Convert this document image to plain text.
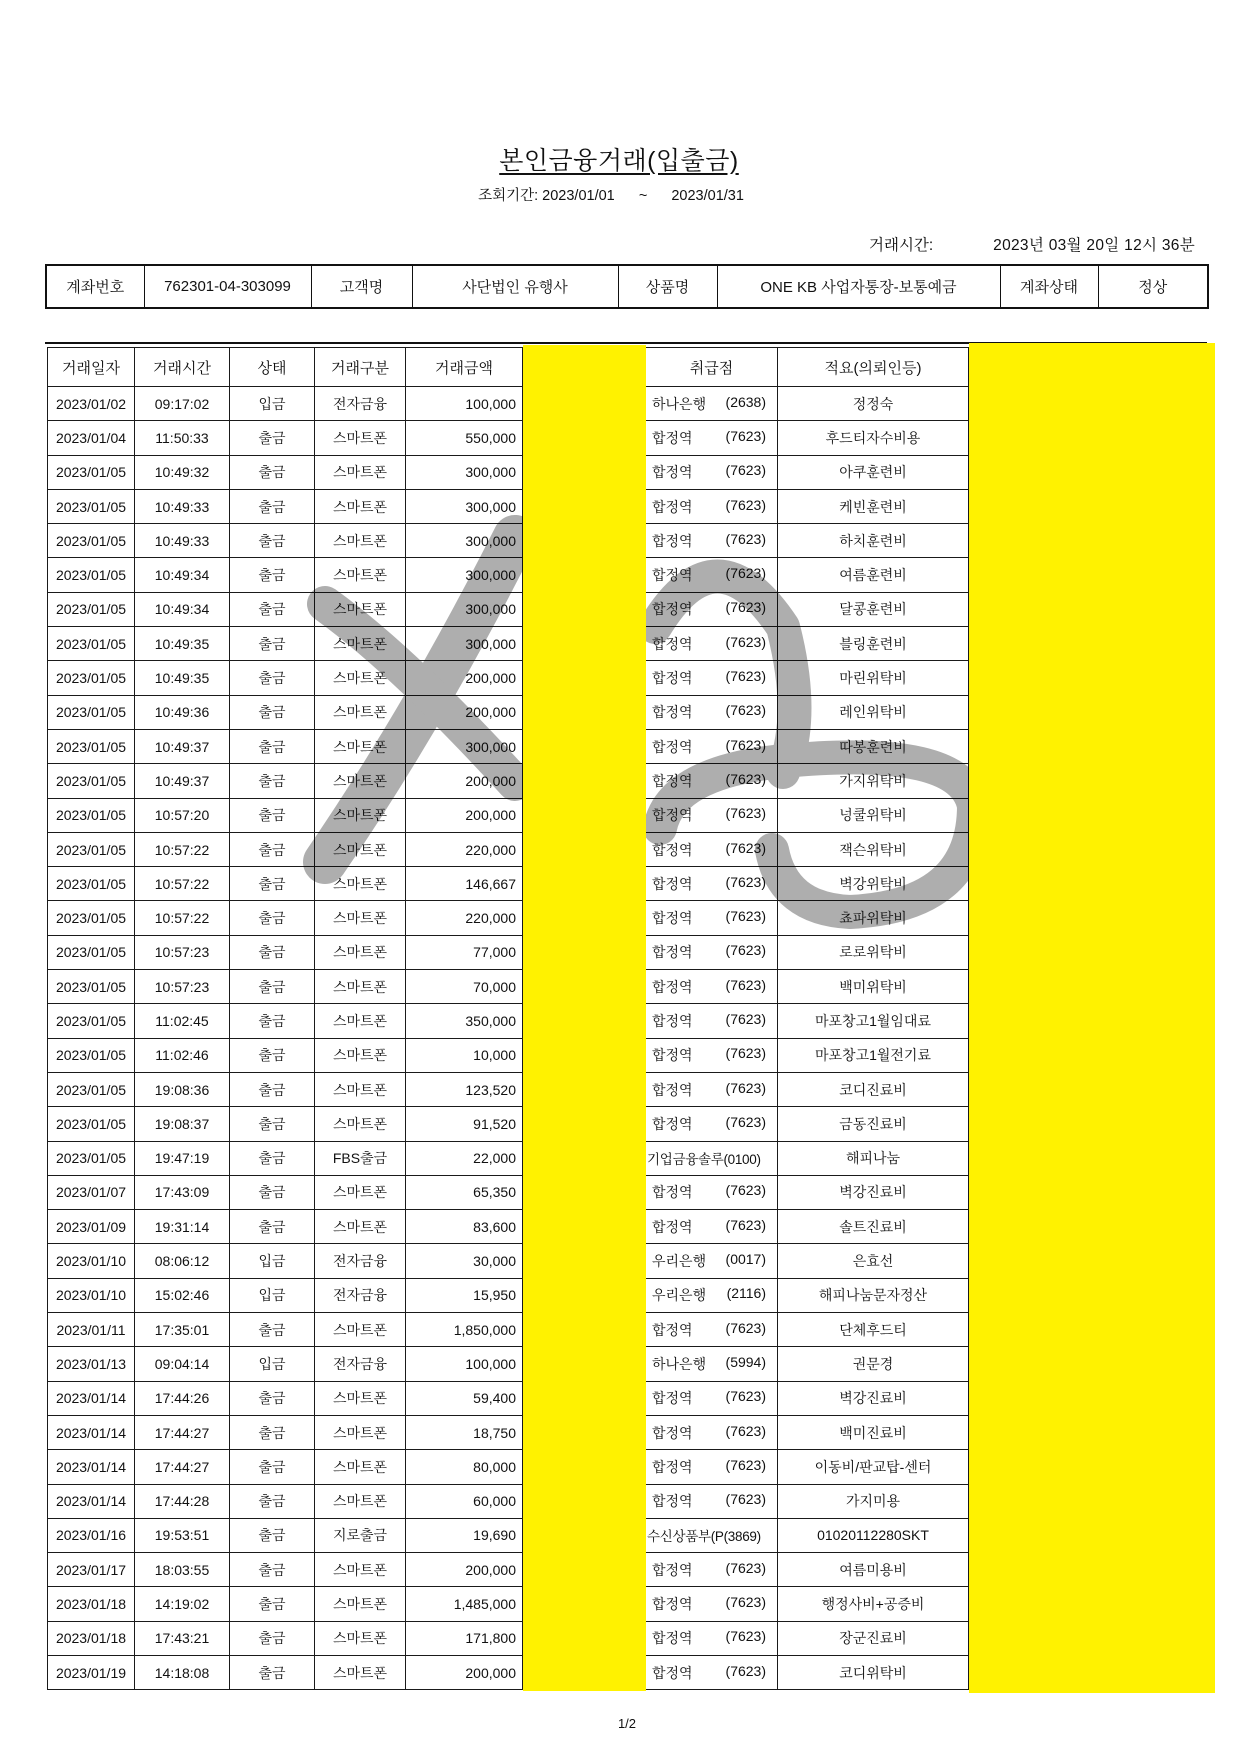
본인금융거래(입출금)
조회기간: 2023/01/01 ~ 2023/01/31
거래시간:	2023년 03월 20일 12시 36분
계좌번호	762301-04-303099	고객명	사단법인 유행사	상품명	ONE KB 사업자통장-보통예금	계좌상태	정상
거래일자	거래시간	상태	거래구분	거래금액		취급점	적요(의뢰인등)	
2023/01/02	09:17:02	입금	전자금융	100,000		하나은행 (2638)	정정숙	
2023/01/04	11:50:33	출금	스마트폰	550,000		합정역 (7623)	후드티자수비용	
2023/01/05	10:49:32	출금	스마트폰	300,000		합정역 (7623)	아쿠훈련비	
2023/01/05	10:49:33	출금	스마트폰	300,000		합정역 (7623)	케빈훈련비	
2023/01/05	10:49:33	출금	스마트폰	300,000		합정역 (7623)	하치훈련비	
2023/01/05	10:49:34	출금	스마트폰	300,000		합정역 (7623)	여름훈련비	
2023/01/05	10:49:34	출금	스마트폰	300,000		합정역 (7623)	달콩훈련비	
2023/01/05	10:49:35	출금	스마트폰	300,000		합정역 (7623)	블링훈련비	
2023/01/05	10:49:35	출금	스마트폰	200,000		합정역 (7623)	마린위탁비	
2023/01/05	10:49:36	출금	스마트폰	200,000		합정역 (7623)	레인위탁비	
2023/01/05	10:49:37	출금	스마트폰	300,000		합정역 (7623)	따봉훈련비	
2023/01/05	10:49:37	출금	스마트폰	200,000		합정역 (7623)	가지위탁비	
2023/01/05	10:57:20	출금	스마트폰	200,000		합정역 (7623)	넝쿨위탁비	
2023/01/05	10:57:22	출금	스마트폰	220,000		합정역 (7623)	잭슨위탁비	
2023/01/05	10:57:22	출금	스마트폰	146,667		합정역 (7623)	벽강위탁비	
2023/01/05	10:57:22	출금	스마트폰	220,000		합정역 (7623)	쵸파위탁비	
2023/01/05	10:57:23	출금	스마트폰	77,000		합정역 (7623)	로로위탁비	
2023/01/05	10:57:23	출금	스마트폰	70,000		합정역 (7623)	백미위탁비	
2023/01/05	11:02:45	출금	스마트폰	350,000		합정역 (7623)	마포창고1월임대료	
2023/01/05	11:02:46	출금	스마트폰	10,000		합정역 (7623)	마포창고1월전기료	
2023/01/05	19:08:36	출금	스마트폰	123,520		합정역 (7623)	코디진료비	
2023/01/05	19:08:37	출금	스마트폰	91,520		합정역 (7623)	금동진료비	
2023/01/05	19:47:19	출금	FBS출금	22,000		기업금융솔루(0100)	해피나눔	
2023/01/07	17:43:09	출금	스마트폰	65,350		합정역 (7623)	벽강진료비	
2023/01/09	19:31:14	출금	스마트폰	83,600		합정역 (7623)	솔트진료비	
2023/01/10	08:06:12	입금	전자금융	30,000		우리은행 (0017)	은효선	
2023/01/10	15:02:46	입금	전자금융	15,950		우리은행 (2116)	해피나눔문자정산	
2023/01/11	17:35:01	출금	스마트폰	1,850,000		합정역 (7623)	단체후드티	
2023/01/13	09:04:14	입금	전자금융	100,000		하나은행 (5994)	권문경	
2023/01/14	17:44:26	출금	스마트폰	59,400		합정역 (7623)	벽강진료비	
2023/01/14	17:44:27	출금	스마트폰	18,750		합정역 (7623)	백미진료비	
2023/01/14	17:44:27	출금	스마트폰	80,000		합정역 (7623)	이동비/판교탑-센터	
2023/01/14	17:44:28	출금	스마트폰	60,000		합정역 (7623)	가지미용	
2023/01/16	19:53:51	출금	지로출금	19,690		수신상품부(P(3869)	01020112280SKT	
2023/01/17	18:03:55	출금	스마트폰	200,000		합정역 (7623)	여름미용비	
2023/01/18	14:19:02	출금	스마트폰	1,485,000		합정역 (7623)	행정사비+공증비	
2023/01/18	17:43:21	출금	스마트폰	171,800		합정역 (7623)	장군진료비	
2023/01/19	14:18:08	출금	스마트폰	200,000		합정역 (7623)	코디위탁비	
1/2
